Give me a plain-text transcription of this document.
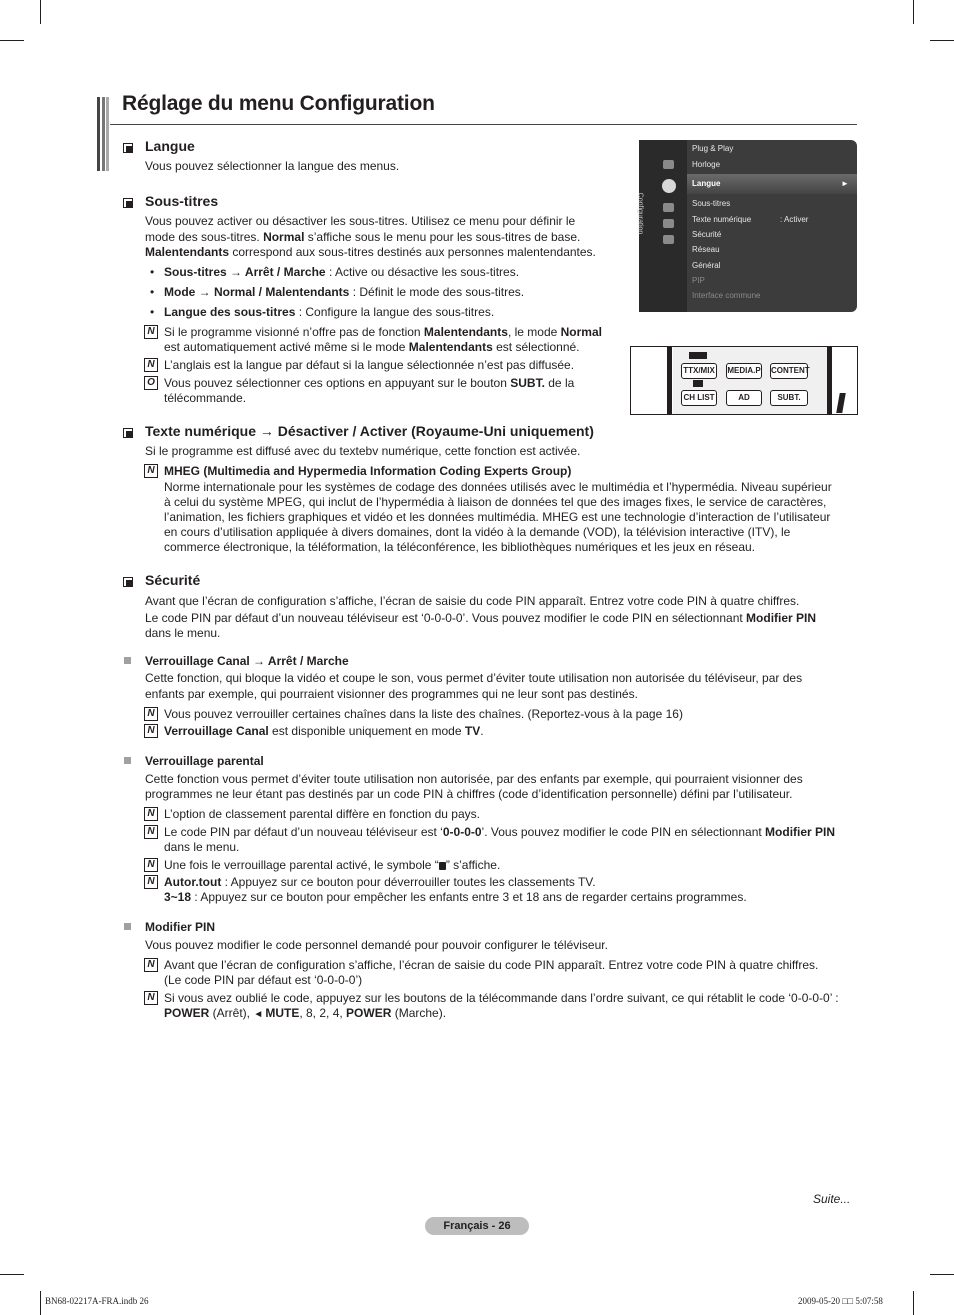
Réglage du menu Configuration
Langue
Vous pouvez sélectionner la langue des menus.
Sous-titres
Vous pouvez activer ou désactiver les sous-titres. Utilisez ce menu pour définir le
mode des sous-titres. Normal s’affiche sous le menu pour les sous-titres de base.
Malentendants correspond aux sous-titres destinés aux personnes malentendantes.
• Sous-titres → Arrêt / Marche : Active ou désactive les sous-titres.
• Mode → Normal / Malentendants : Définit le mode des sous-titres.
• Langue des sous-titres : Configure la langue des sous-titres.
N Si le programme visionné n’offre pas de fonction Malentendants, le mode Normal
est automatiquement activé même si le mode Malentendants est sélectionné.
N L’anglais est la langue par défaut si la langue sélectionnée n’est pas diffusée.
O Vous pouvez sélectionner ces options en appuyant sur le bouton SUBT. de la
télécommande.
Configuration
Plug & Play
Horloge
Langue	►
Sous-titres
Texte numérique	: Activer
Sécurité
Réseau
Général
PIP
Interface commune
TTX/MIX MEDIA.P CONTENT
CH LIST	AD	SUBT.
Texte numérique → Désactiver / Activer (Royaume-Uni uniquement)
Si le programme est diffusé avec du textebv numérique, cette fonction est activée.
N MHEG (Multimedia and Hypermedia Information Coding Experts Group)
Norme internationale pour les systèmes de codage des données utilisés avec le multimédia et l’hypermédia. Niveau supérieur
à celui du système MPEG, qui inclut de l’hypermédia à liaison de données tel que des images fixes, le service de caractères,
l’animation, les fichiers graphiques et vidéo et les données multimédia. MHEG est une technologie d’interaction de l’utilisateur
en cours d’utilisation appliquée à divers domaines, dont la vidéo à la demande (VOD), la télévision interactive (ITV), le
commerce électronique, la téléformation, la téléconférence, les bibliothèques numériques et les jeux en réseau.
Sécurité
Avant que l’écran de configuration s’affiche, l’écran de saisie du code PIN apparaît. Entrez votre code PIN à quatre chiffres.
Le code PIN par défaut d’un nouveau téléviseur est ‘0-0-0-0’. Vous pouvez modifier le code PIN en sélectionnant Modifier PIN
dans le menu.
Verrouillage Canal → Arrêt / Marche
Cette fonction, qui bloque la vidéo et coupe le son, vous permet d’éviter toute utilisation non autorisée du téléviseur, par des
enfants par exemple, qui pourraient visionner des programmes qui ne leur sont pas destinés.
N Vous pouvez verrouiller certaines chaînes dans la liste des chaînes. (Reportez-vous à la page 16)
N Verrouillage Canal est disponible uniquement en mode TV.
Verrouillage parental
Cette fonction vous permet d’éviter toute utilisation non autorisée, par des enfants par exemple, qui pourraient visionner des
programmes ne leur étant pas destinés par un code PIN à chiffres (code d’identification personnelle) défini par l’utilisateur.
N L’option de classement parental diffère en fonction du pays.
N Le code PIN par défaut d’un nouveau téléviseur est ‘0-0-0-0’. Vous pouvez modifier le code PIN en sélectionnant Modifier PIN
dans le menu.
N Une fois le verrouillage parental activé, le symbole “ ” s’affiche.
N Autor.tout : Appuyez sur ce bouton pour déverrouiller toutes les classements TV.
3~18 : Appuyez sur ce bouton pour empêcher les enfants entre 3 et 18 ans de regarder certains programmes.
Modifier PIN
Vous pouvez modifier le code personnel demandé pour pouvoir configurer le téléviseur.
N Avant que l’écran de configuration s’affiche, l’écran de saisie du code PIN apparaît. Entrez votre code PIN à quatre chiffres.
(Le code PIN par défaut est ‘0-0-0-0’)
N Si vous avez oublié le code, appuyez sur les boutons de la télécommande dans l’ordre suivant, ce qui rétablit le code ‘0-0-0-0’ :
POWER (Arrêt), ◄ MUTE, 8, 2, 4, POWER (Marche).
Suite...
Français - 26
BN68-02217A-FRA.indb 26	2009-05-20 □□ 5:07:58
